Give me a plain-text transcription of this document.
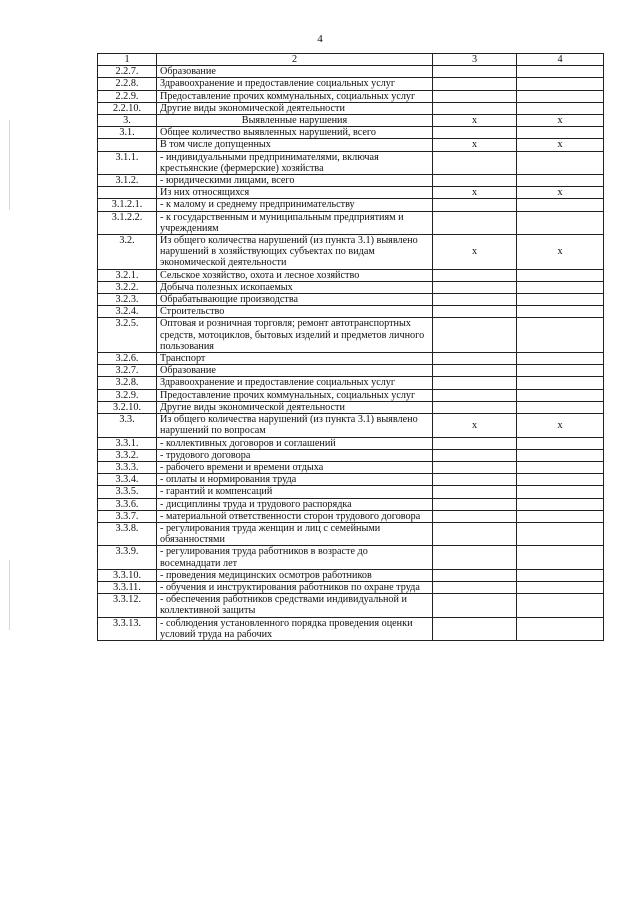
4
1	2	3	4
2.2.7.	Образование		
2.2.8.	Здравоохранение и предоставление социальных услуг		
2.2.9.	Предоставление прочих коммунальных, социальных услуг		
2.2.10.	Другие виды экономической деятельности		
3.	Выявленные нарушения	x	x
3.1.	Общее количество выявленных нарушений, всего		
	В том числе допущенных	x	x
3.1.1.	- индивидуальными предпринимателями, включая крестьянские (фермерские) хозяйства		
3.1.2.	- юридическими лицами, всего		
	Из них относящихся	x	x
3.1.2.1.	- к малому и среднему предпринимательству		
3.1.2.2.	- к государственным и муниципальным предприятиям и учреждениям		
3.2.	Из общего количества нарушений (из пункта 3.1) выявлено нарушений в хозяйствующих субъектах по видам экономической деятельности	x	x
3.2.1.	Сельское хозяйство, охота и лесное хозяйство		
3.2.2.	Добыча полезных ископаемых		
3.2.3.	Обрабатывающие производства		
3.2.4.	Строительство		
3.2.5.	Оптовая и розничная торговля; ремонт автотранспортных средств, мотоциклов, бытовых изделий и предметов личного пользования		
3.2.6.	Транспорт		
3.2.7.	Образование		
3.2.8.	Здравоохранение и предоставление социальных услуг		
3.2.9.	Предоставление прочих коммунальных, социальных услуг		
3.2.10.	Другие виды экономической деятельности		
3.3.	Из общего количества нарушений (из пункта 3.1) выявлено нарушений по вопросам	x	x
3.3.1.	- коллективных договоров и соглашений		
3.3.2.	- трудового договора		
3.3.3.	- рабочего времени и времени отдыха		
3.3.4.	- оплаты и нормирования труда		
3.3.5.	- гарантий и компенсаций		
3.3.6.	- дисциплины труда и трудового распорядка		
3.3.7.	- материальной ответственности сторон трудового договора		
3.3.8.	- регулирования труда женщин и лиц с семейными обязанностями		
3.3.9.	- регулирования труда работников в возрасте до восемнадцати лет		
3.3.10.	- проведения медицинских осмотров работников		
3.3.11.	- обучения и инструктирования работников по охране труда		
3.3.12.	- обеспечения работников средствами индивидуальной и коллективной защиты		
3.3.13.	- соблюдения установленного порядка проведения оценки условий труда на рабочих		
